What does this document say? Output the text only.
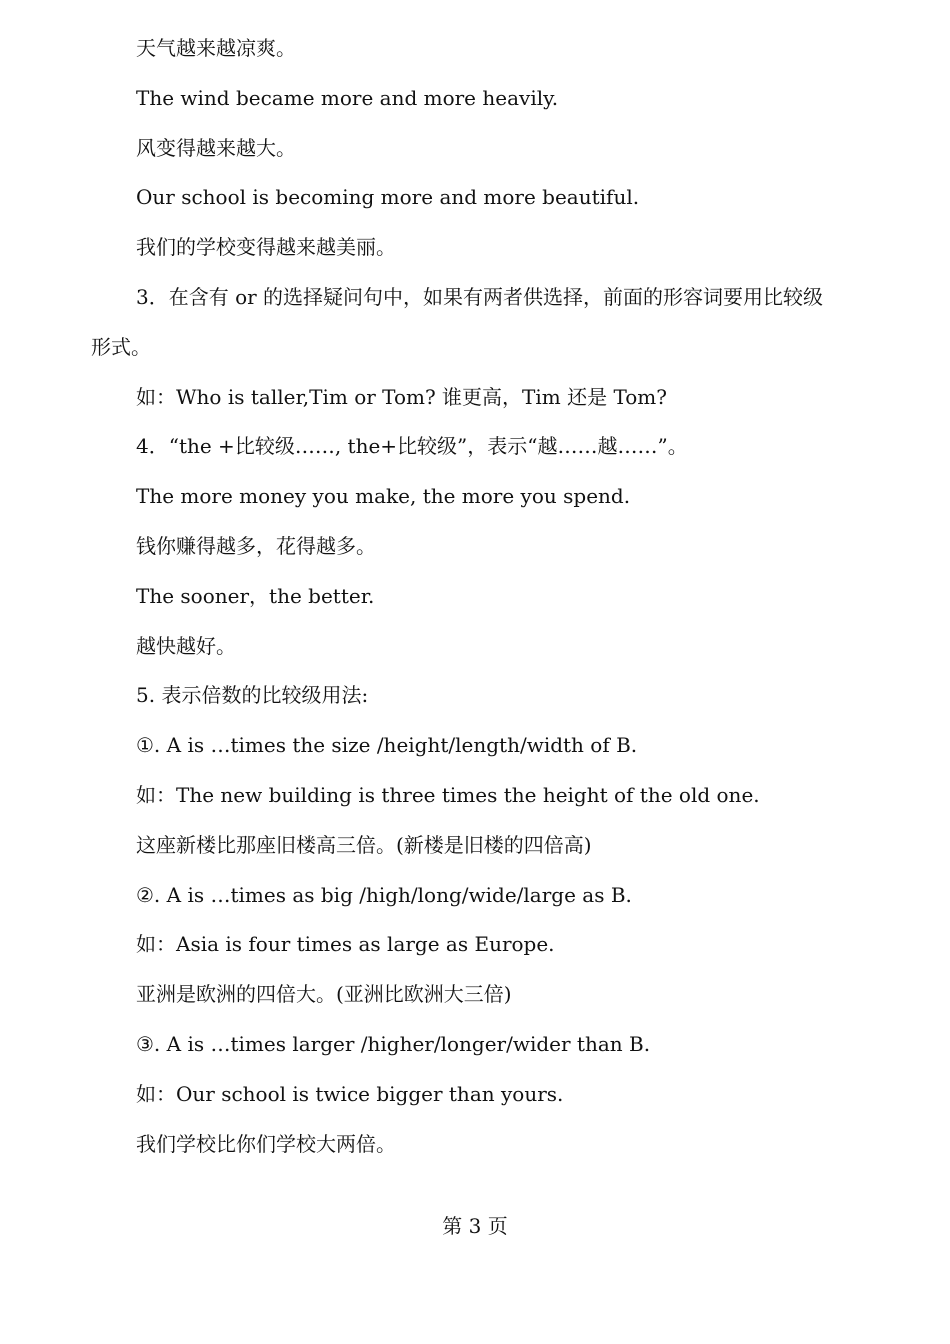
天气越来越凉爽。
The wind became more and more heavily.
风变得越来越大。
Our school is becoming more and more beautiful.
我们的学校变得越来越美丽。
3．在含有 or 的选择疑问句中，如果有两者供选择，前面的形容词要用比较级
形式。
如：Who is taller,Tim or Tom? 谁更高，Tim 还是 Tom?
4．“the +比较级……, the+比较级”，表示“越……越……”。
The more money you make, the more you spend.
钱你赚得越多，花得越多。
The sooner，the better.
越快越好。
5. 表示倍数的比较级用法:
①. A is …times the size /height/length/width of B.
如：The new building is three times the height of the old one.
这座新楼比那座旧楼高三倍。(新楼是旧楼的四倍高)
②. A is …times as big /high/long/wide/large as B.
如：Asia is four times as large as Europe.
亚洲是欧洲的四倍大。(亚洲比欧洲大三倍)
③. A is …times larger /higher/longer/wider than B.
如：Our school is twice bigger than yours.
我们学校比你们学校大两倍。
第 3 页
